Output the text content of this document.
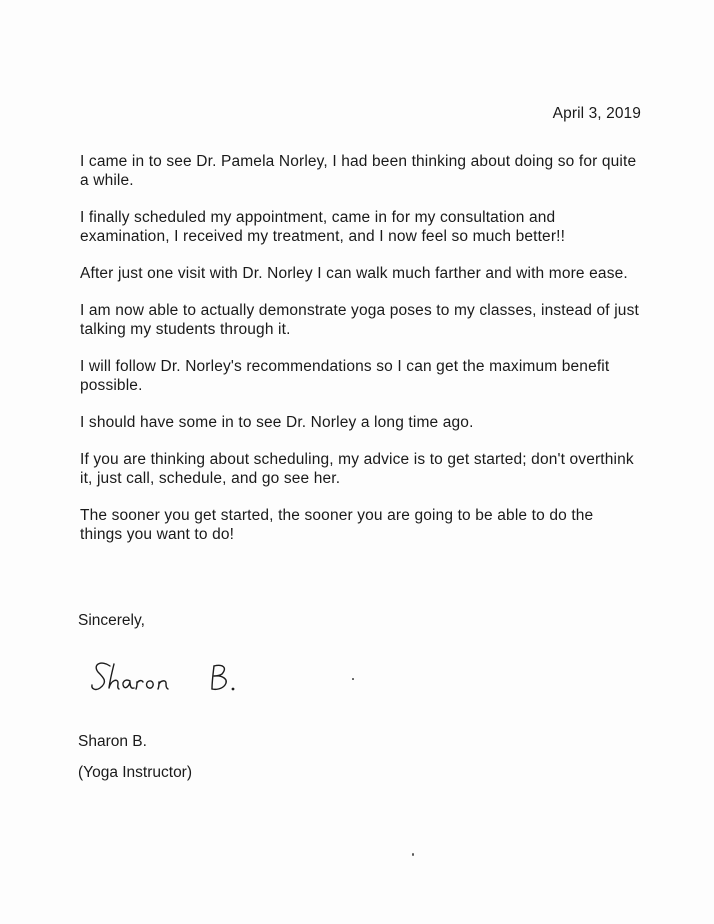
April 3, 2019

I came in to see Dr. Pamela Norley, I had been thinking about doing so for quite a while.

I finally scheduled my appointment, came in for my consultation and examination, I received my treatment, and I now feel so much better!!

After just one visit with Dr. Norley I can walk much farther and with more ease.

I am now able to actually demonstrate yoga poses to my classes, instead of just talking my students through it.

I will follow Dr. Norley's recommendations so I can get the maximum benefit possible.

I should have some in to see Dr. Norley a long time ago.

If you are thinking about scheduling, my advice is to get started; don't overthink it, just call, schedule, and go see her.

The sooner you get started, the sooner you are going to be able to do the things you want to do!

Sincerely,
Sharon B.
(Yoga Instructor)
